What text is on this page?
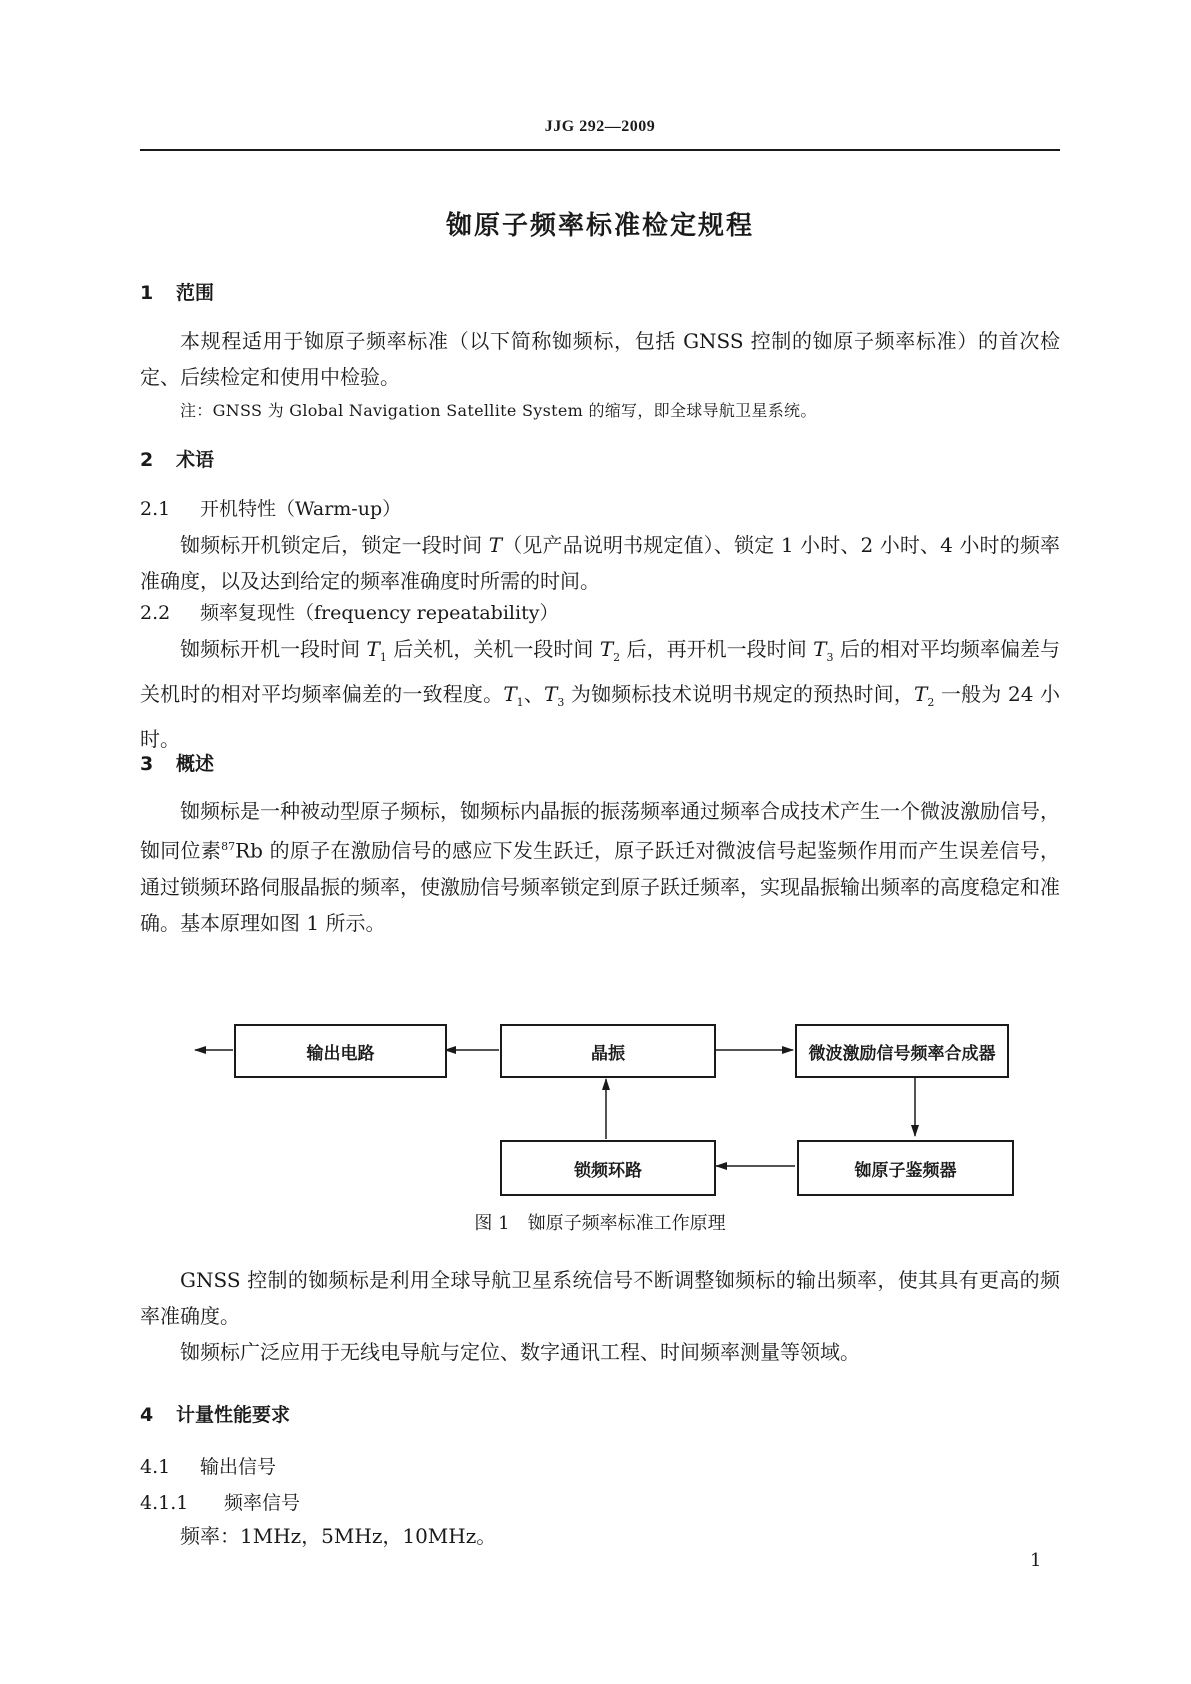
JJG 292—2009
铷原子频率标准检定规程
1 范围
本规程适用于铷原子频率标准（以下简称铷频标，包括 GNSS 控制的铷原子频率标准）的首次检定、后续检定和使用中检验。
注：GNSS 为 Global Navigation Satellite System 的缩写，即全球导航卫星系统。
2 术语
2.1 开机特性（Warm-up）
铷频标开机锁定后，锁定一段时间 T（见产品说明书规定值）、锁定 1 小时、2 小时、4 小时的频率准确度，以及达到给定的频率准确度时所需的时间。
2.2 频率复现性（frequency repeatability）
铷频标开机一段时间 $T_1$ 后关机，关机一段时间 $T_2$ 后，再开机一段时间 $T_3$ 后的相对平均频率偏差与关机时的相对平均频率偏差的一致程度。$T_1$、$T_3$ 为铷频标技术说明书规定的预热时间，$T_2$ 一般为 24 小时。
3 概述
铷频标是一种被动型原子频标，铷频标内晶振的振荡频率通过频率合成技术产生一个微波激励信号，铷同位素$^{87}$Rb 的原子在激励信号的感应下发生跃迁，原子跃迁对微波信号起鉴频作用而产生误差信号，通过锁频环路伺服晶振的频率，使激励信号频率锁定到原子跃迁频率，实现晶振输出频率的高度稳定和准确。基本原理如图 1 所示。
输出电路	晶振	微波激励信号频率合成器
锁频环路	铷原子鉴频器
图 1　铷原子频率标准工作原理
GNSS 控制的铷频标是利用全球导航卫星系统信号不断调整铷频标的输出频率，使其具有更高的频率准确度。
铷频标广泛应用于无线电导航与定位、数字通讯工程、时间频率测量等领域。
4 计量性能要求
4.1 输出信号
4.1.1 频率信号
频率：1MHz，5MHz，10MHz。
1
